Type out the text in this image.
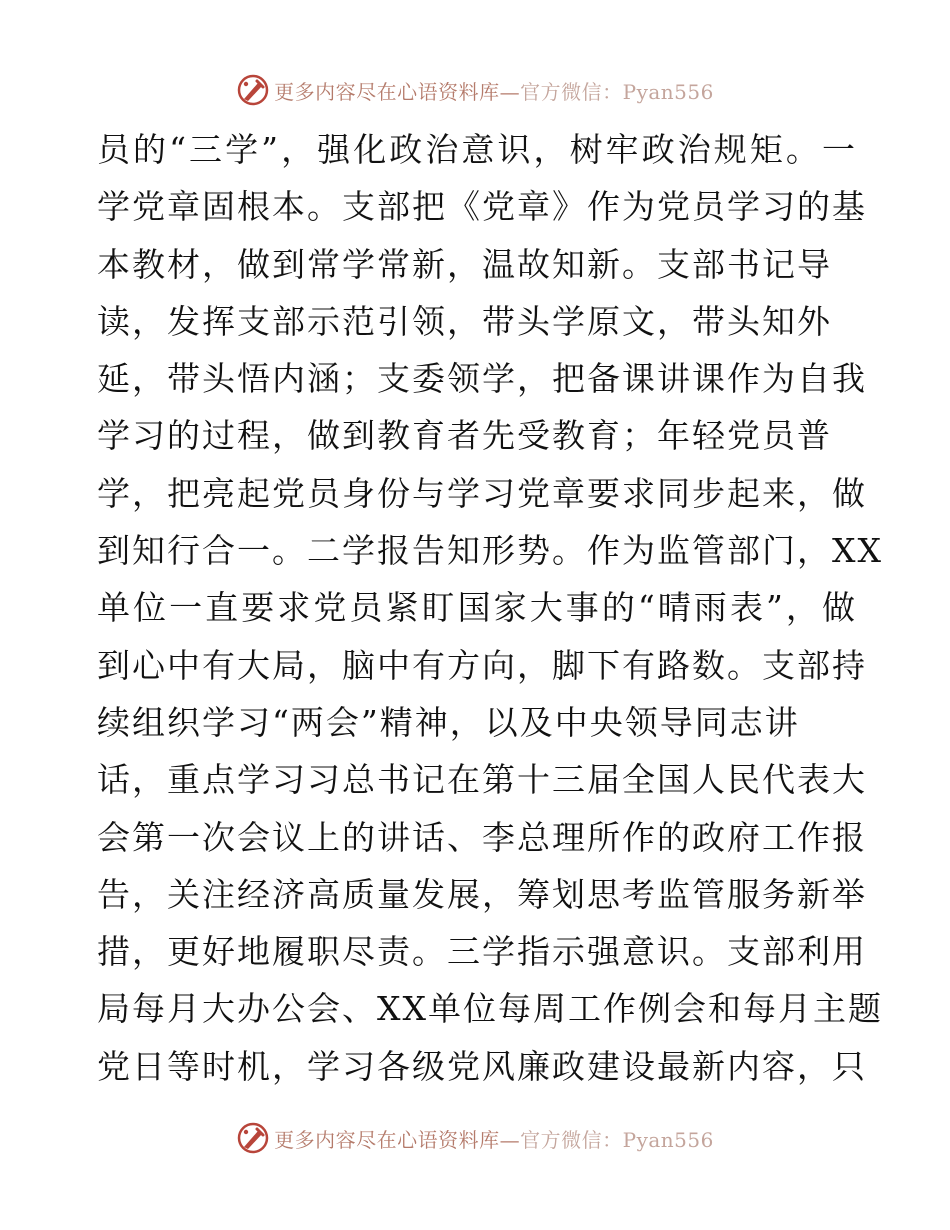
更多内容尽在心语资料库—官方微信：Pyan556
员的“三学”，强化政治意识，树牢政治规矩。一
学党章固根本。支部把《党章》作为党员学习的基
本教材，做到常学常新，温故知新。支部书记导
读，发挥支部示范引领，带头学原文，带头知外
延，带头悟内涵；支委领学，把备课讲课作为自我
学习的过程，做到教育者先受教育；年轻党员普
学，把亮起党员身份与学习党章要求同步起来，做
到知行合一。二学报告知形势。作为监管部门，XX
单位一直要求党员紧盯国家大事的“晴雨表”，做
到心中有大局，脑中有方向，脚下有路数。支部持
续组织学习“两会”精神，以及中央领导同志讲
话，重点学习习总书记在第十三届全国人民代表大
会第一次会议上的讲话、李总理所作的政府工作报
告，关注经济高质量发展，筹划思考监管服务新举
措，更好地履职尽责。三学指示强意识。支部利用
局每月大办公会、XX单位每周工作例会和每月主题
党日等时机，学习各级党风廉政建设最新内容，只
更多内容尽在心语资料库—官方微信：Pyan556
